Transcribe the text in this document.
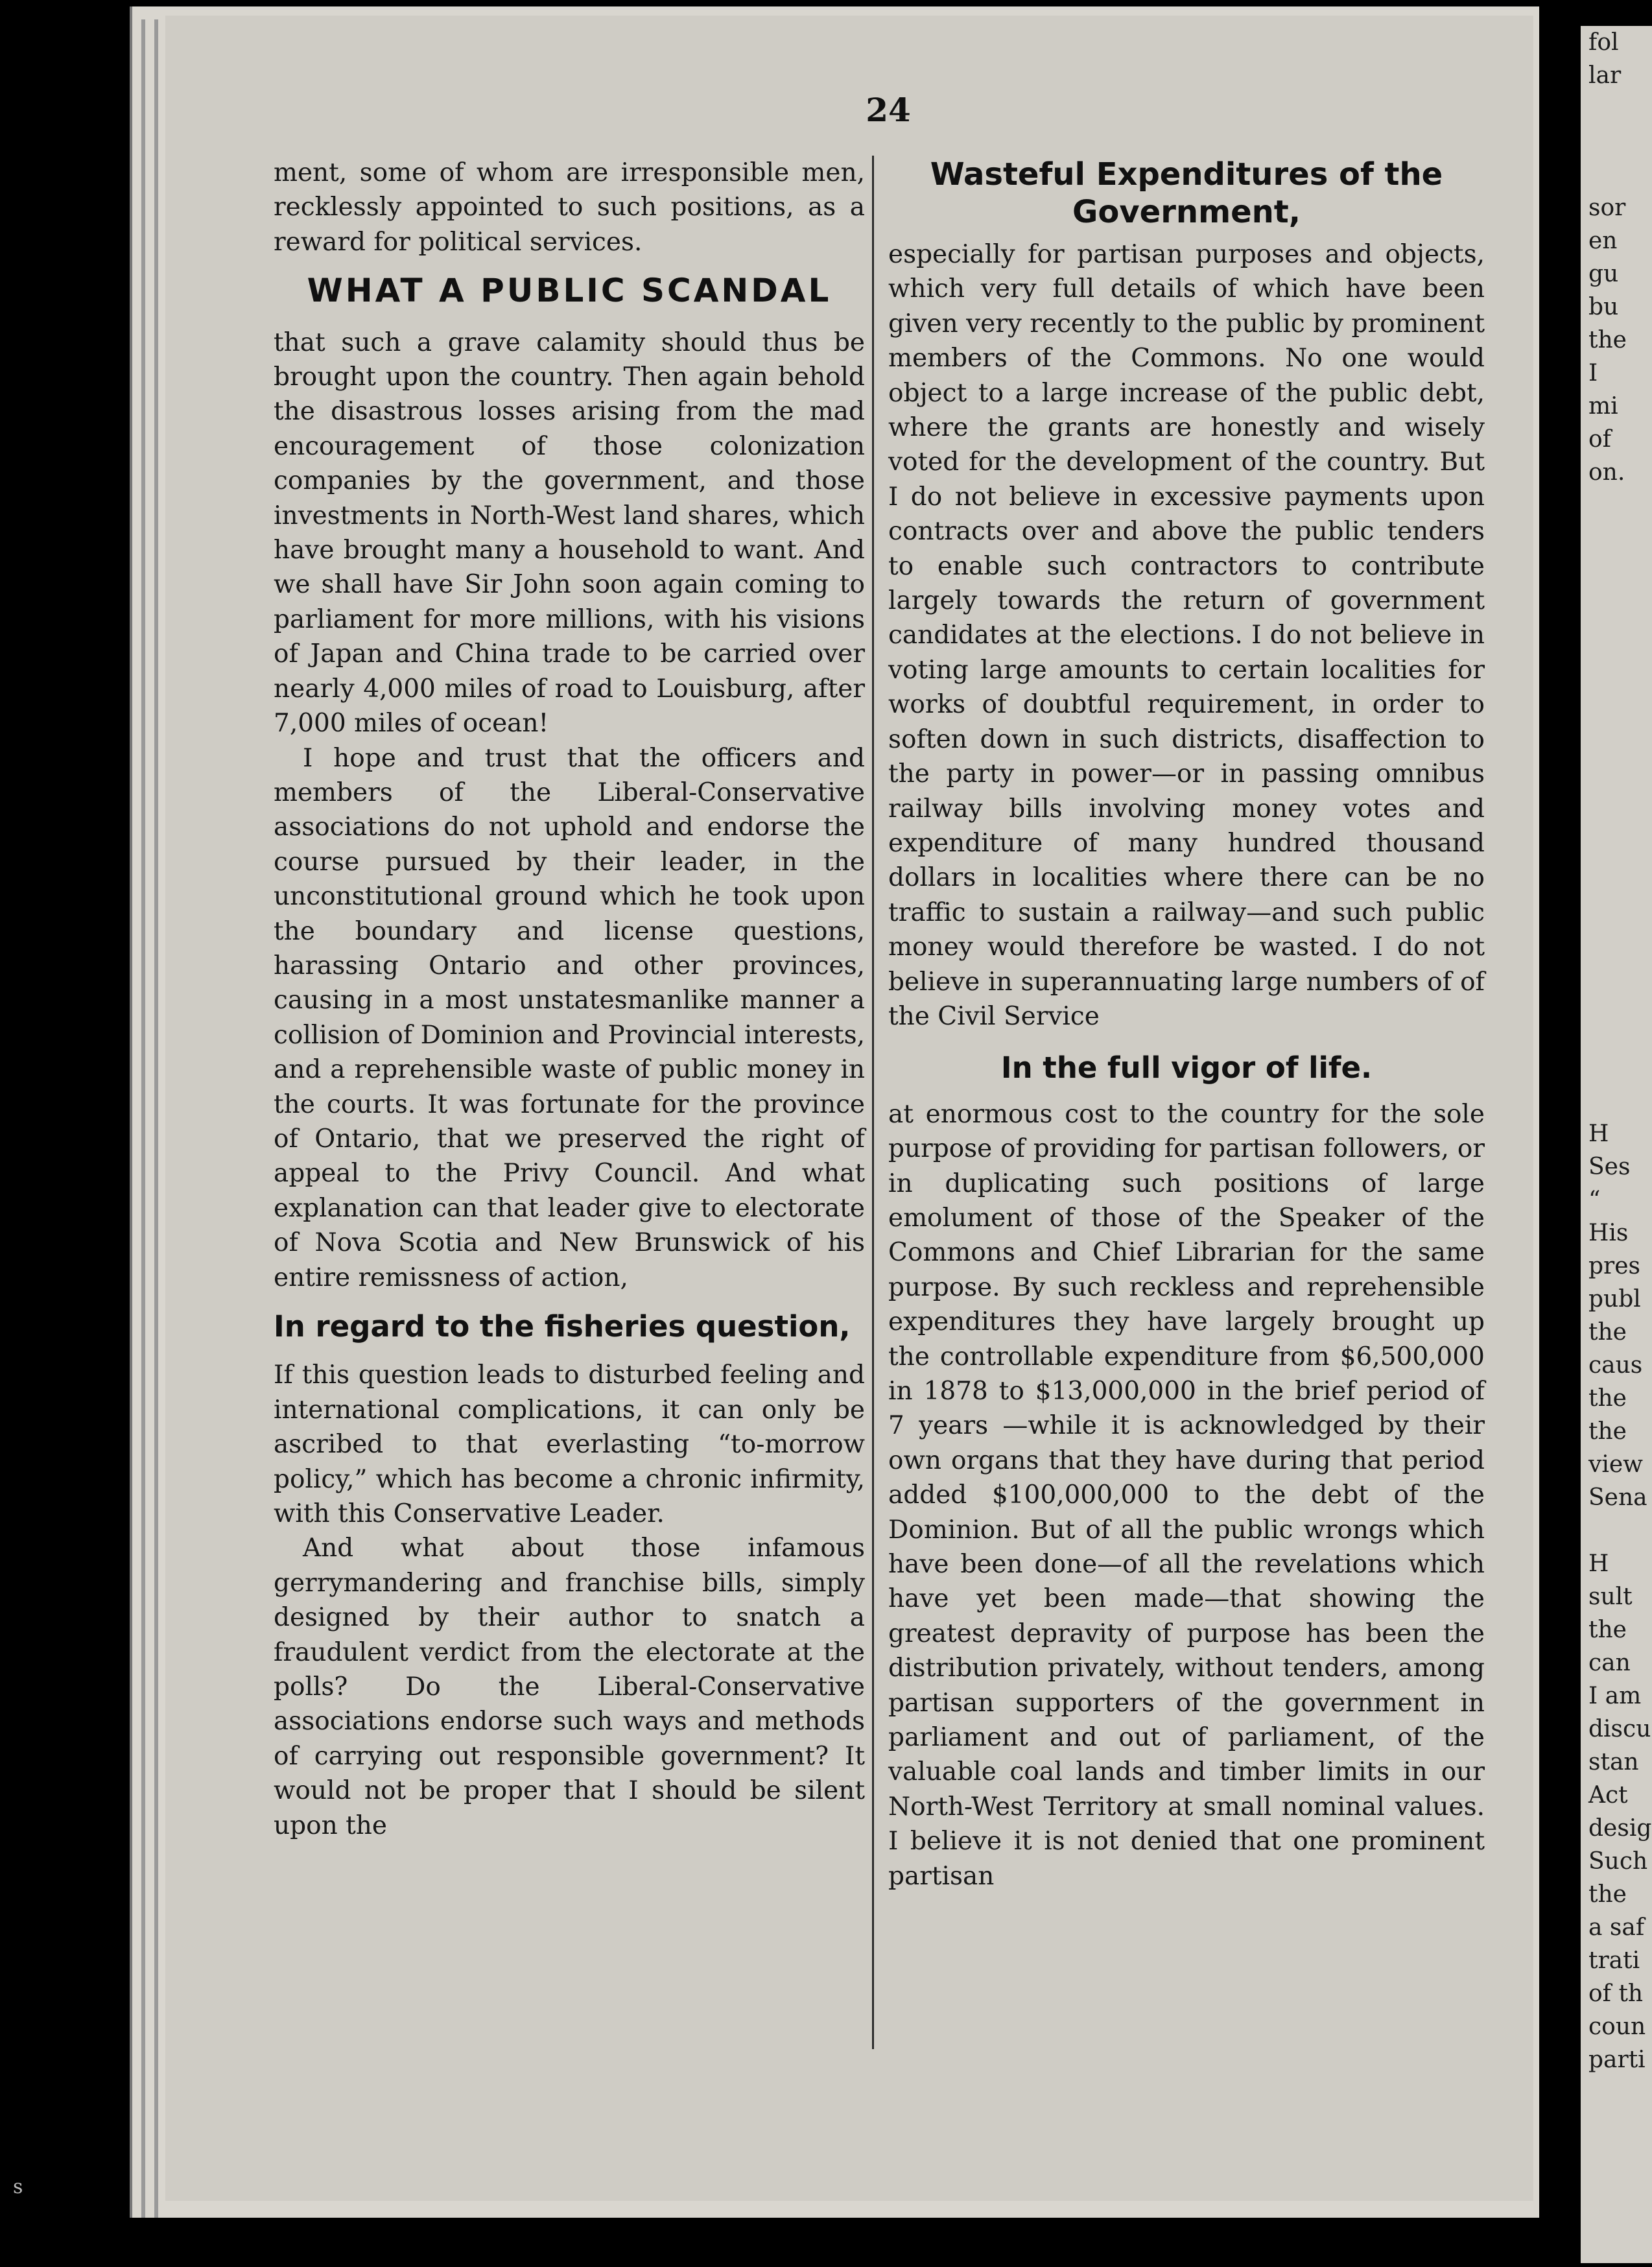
24

ment, some of whom are irresponsible men, recklessly appointed to such positions, as a reward for political services.

WHAT A PUBLIC SCANDAL

that such a grave calamity should thus be brought upon the country. Then again behold the disastrous losses arising from the mad encouragement of those colonization companies by the government, and those investments in North-West land shares, which have brought many a household to want. And we shall have Sir John soon again coming to parliament for more millions, with his visions of Japan and China trade to be carried over nearly 4,000 miles of road to Louisburg, after 7,000 miles of ocean!

I hope and trust that the officers and members of the Liberal-Conservative associations do not uphold and endorse the course pursued by their leader, in the unconstitutional ground which he took upon the boundary and license questions, harassing Ontario and other provinces, causing in a most unstatesmanlike manner a collision of Dominion and Provincial interests, and a reprehensible waste of public money in the courts. It was fortunate for the province of Ontario, that we preserved the right of appeal to the Privy Council. And what explanation can that leader give to electorate of Nova Scotia and New Brunswick of his entire remissness of action,

In regard to the fisheries question,

If this question leads to disturbed feeling and international complications, it can only be ascribed to that everlasting “to-morrow policy,” which has become a chronic infirmity, with this Conservative Leader.

And what about those infamous gerrymandering and franchise bills, simply designed by their author to snatch a fraudulent verdict from the electorate at the polls? Do the Liberal-Conservative associations endorse such ways and methods of carrying out responsible government? It would not be proper that I should be silent upon the

Wasteful Expenditures of the Government,

especially for partisan purposes and objects, which very full details of which have been given very recently to the public by prominent members of the Commons. No one would object to a large increase of the public debt, where the grants are honestly and wisely voted for the development of the country. But I do not believe in excessive payments upon contracts over and above the public tenders to enable such contractors to contribute largely towards the return of government candidates at the elections. I do not believe in voting large amounts to certain localities for works of doubtful requirement, in order to soften down in such districts, disaffection to the party in power—or in passing omnibus railway bills involving money votes and expenditure of many hundred thousand dollars in localities where there can be no traffic to sustain a railway—and such public money would therefore be wasted. I do not believe in superannuating large numbers of of the Civil Service

In the full vigor of life.

at enormous cost to the country for the sole purpose of providing for partisan followers, or in duplicating such positions of large emolument of those of the Speaker of the Commons and Chief Librarian for the same purpose. By such reckless and reprehensible expenditures they have largely brought up the controllable expenditure from $6,500,000 in 1878 to $13,000,000 in the brief period of 7 years —while it is acknowledged by their own organs that they have during that period added $100,000,000 to the debt of the Dominion. But of all the public wrongs which have been done—of all the revelations which have yet been made—that showing the greatest depravity of purpose has been the distribution privately, without tenders, among partisan supporters of the government in parliament and out of parliament, of the valuable coal lands and timber limits in our North-West Territory at small nominal values. I believe it is not denied that one prominent partisan

fol
lar

sor
en
gu
bu
the
I
mi
of
on.

H
Ses
“
His
pres
publ
the
caus
the
the
view
Sena

H
sult
the
can
I am
discu
stan
Act
desig
Such
the
a saf
trati
of th
coun
parti
s
